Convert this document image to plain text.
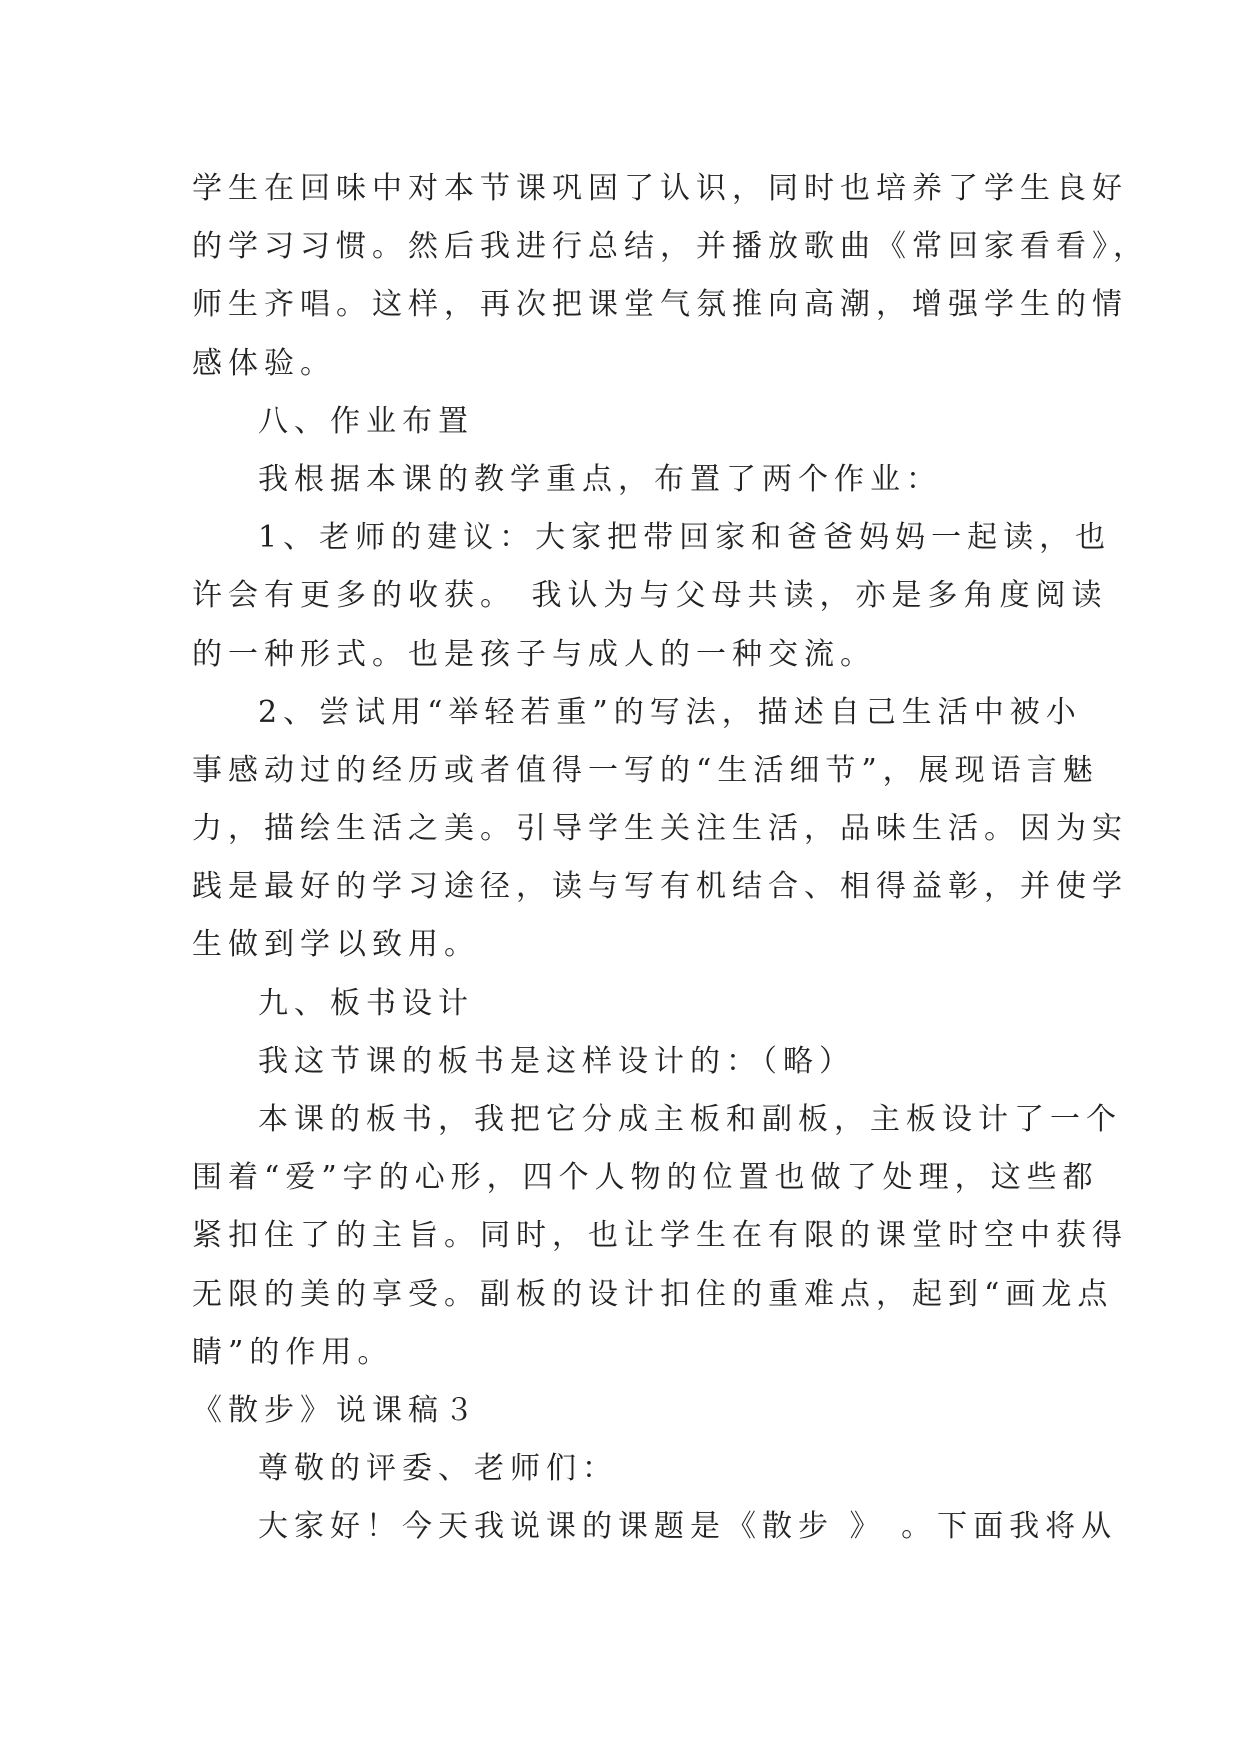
学生在回味中对本节课巩固了认识，同时也培养了学生良好
的学习习惯。然后我进行总结，并播放歌曲《常回家看看》，
师生齐唱。这样，再次把课堂气氛推向高潮，增强学生的情
感体验。
八、作业布置
我根据本课的教学重点，布置了两个作业：
1、老师的建议：大家把带回家和爸爸妈妈一起读，也
许会有更多的收获。 我认为与父母共读，亦是多角度阅读
的一种形式。也是孩子与成人的一种交流。
2、尝试用“举轻若重”的写法，描述自己生活中被小
事感动过的经历或者值得一写的“生活细节”，展现语言魅
力，描绘生活之美。引导学生关注生活，品味生活。因为实
践是最好的学习途径，读与写有机结合、相得益彰，并使学
生做到学以致用。
九、板书设计
我这节课的板书是这样设计的：（略）
本课的板书，我把它分成主板和副板，主板设计了一个
围着“爱”字的心形，四个人物的位置也做了处理，这些都
紧扣住了的主旨。同时，也让学生在有限的课堂时空中获得
无限的美的享受。副板的设计扣住的重难点，起到“画龙点
睛”的作用。
《散步》说课稿３
尊敬的评委、老师们：
大家好！今天我说课的课题是《散步 》 。下面我将从
